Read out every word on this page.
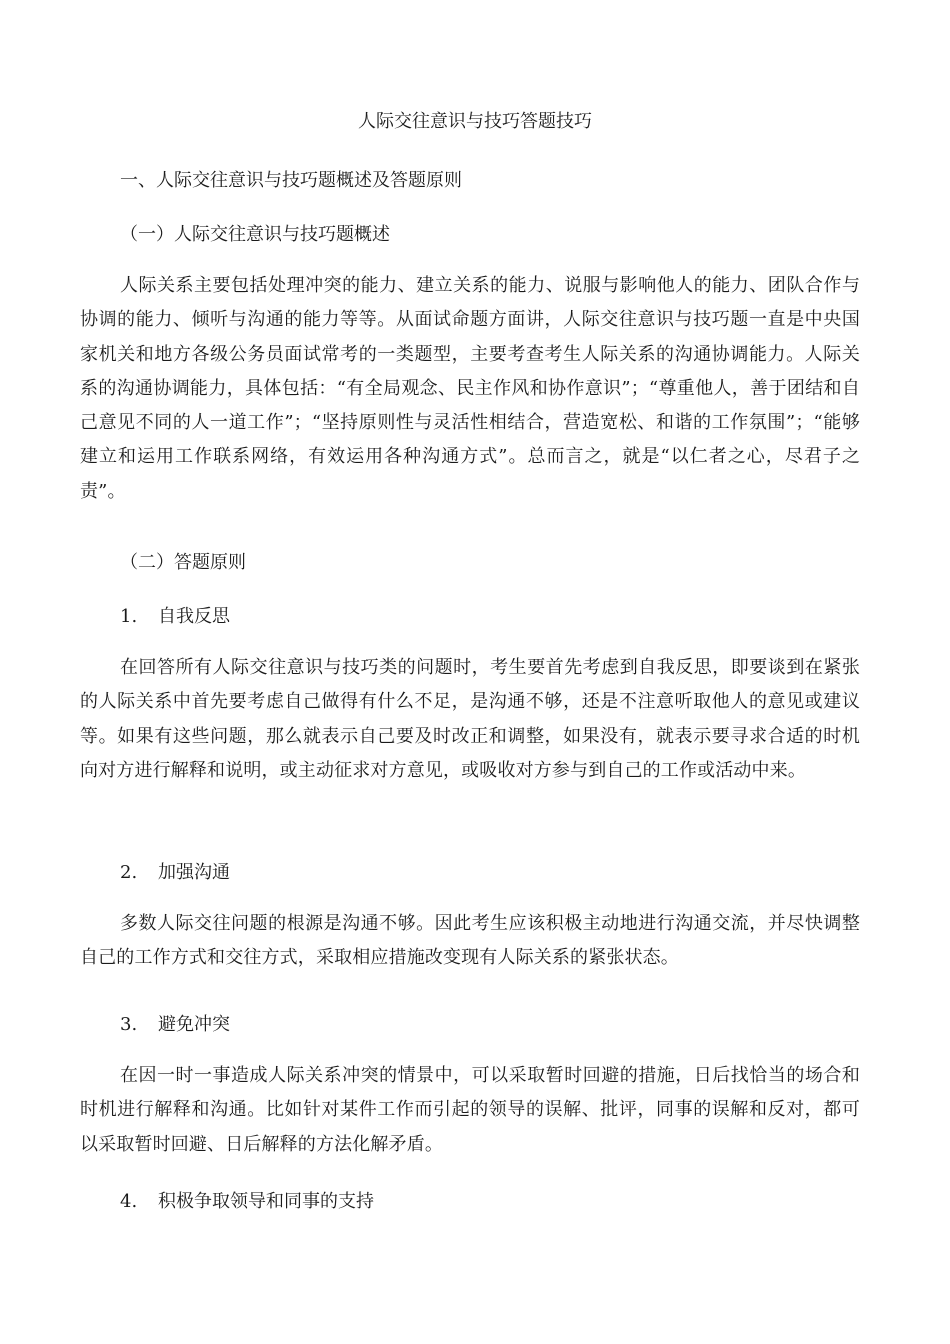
人际交往意识与技巧答题技巧
一、人际交往意识与技巧题概述及答题原则
（一）人际交往意识与技巧题概述
人际关系主要包括处理冲突的能力、建立关系的能力、说服与影响他人的能力、团队合作与协调的能力、倾听与沟通的能力等等。从面试命题方面讲，人际交往意识与技巧题一直是中央国家机关和地方各级公务员面试常考的一类题型，主要考查考生人际关系的沟通协调能力。人际关系的沟通协调能力，具体包括：“有全局观念、民主作风和协作意识”；“尊重他人，善于团结和自己意见不同的人一道工作”；“坚持原则性与灵活性相结合，营造宽松、和谐的工作氛围”；“能够建立和运用工作联系网络，有效运用各种沟通方式”。总而言之，就是“以仁者之心，尽君子之责”。
（二）答题原则
1. 自我反思
在回答所有人际交往意识与技巧类的问题时，考生要首先考虑到自我反思，即要谈到在紧张的人际关系中首先要考虑自己做得有什么不足，是沟通不够，还是不注意听取他人的意见或建议等。如果有这些问题，那么就表示自己要及时改正和调整，如果没有，就表示要寻求合适的时机向对方进行解释和说明，或主动征求对方意见，或吸收对方参与到自己的工作或活动中来。
2. 加强沟通
多数人际交往问题的根源是沟通不够。因此考生应该积极主动地进行沟通交流，并尽快调整自己的工作方式和交往方式，采取相应措施改变现有人际关系的紧张状态。
3. 避免冲突
在因一时一事造成人际关系冲突的情景中，可以采取暂时回避的措施，日后找恰当的场合和时机进行解释和沟通。比如针对某件工作而引起的领导的误解、批评，同事的误解和反对，都可以采取暂时回避、日后解释的方法化解矛盾。
4. 积极争取领导和同事的支持
